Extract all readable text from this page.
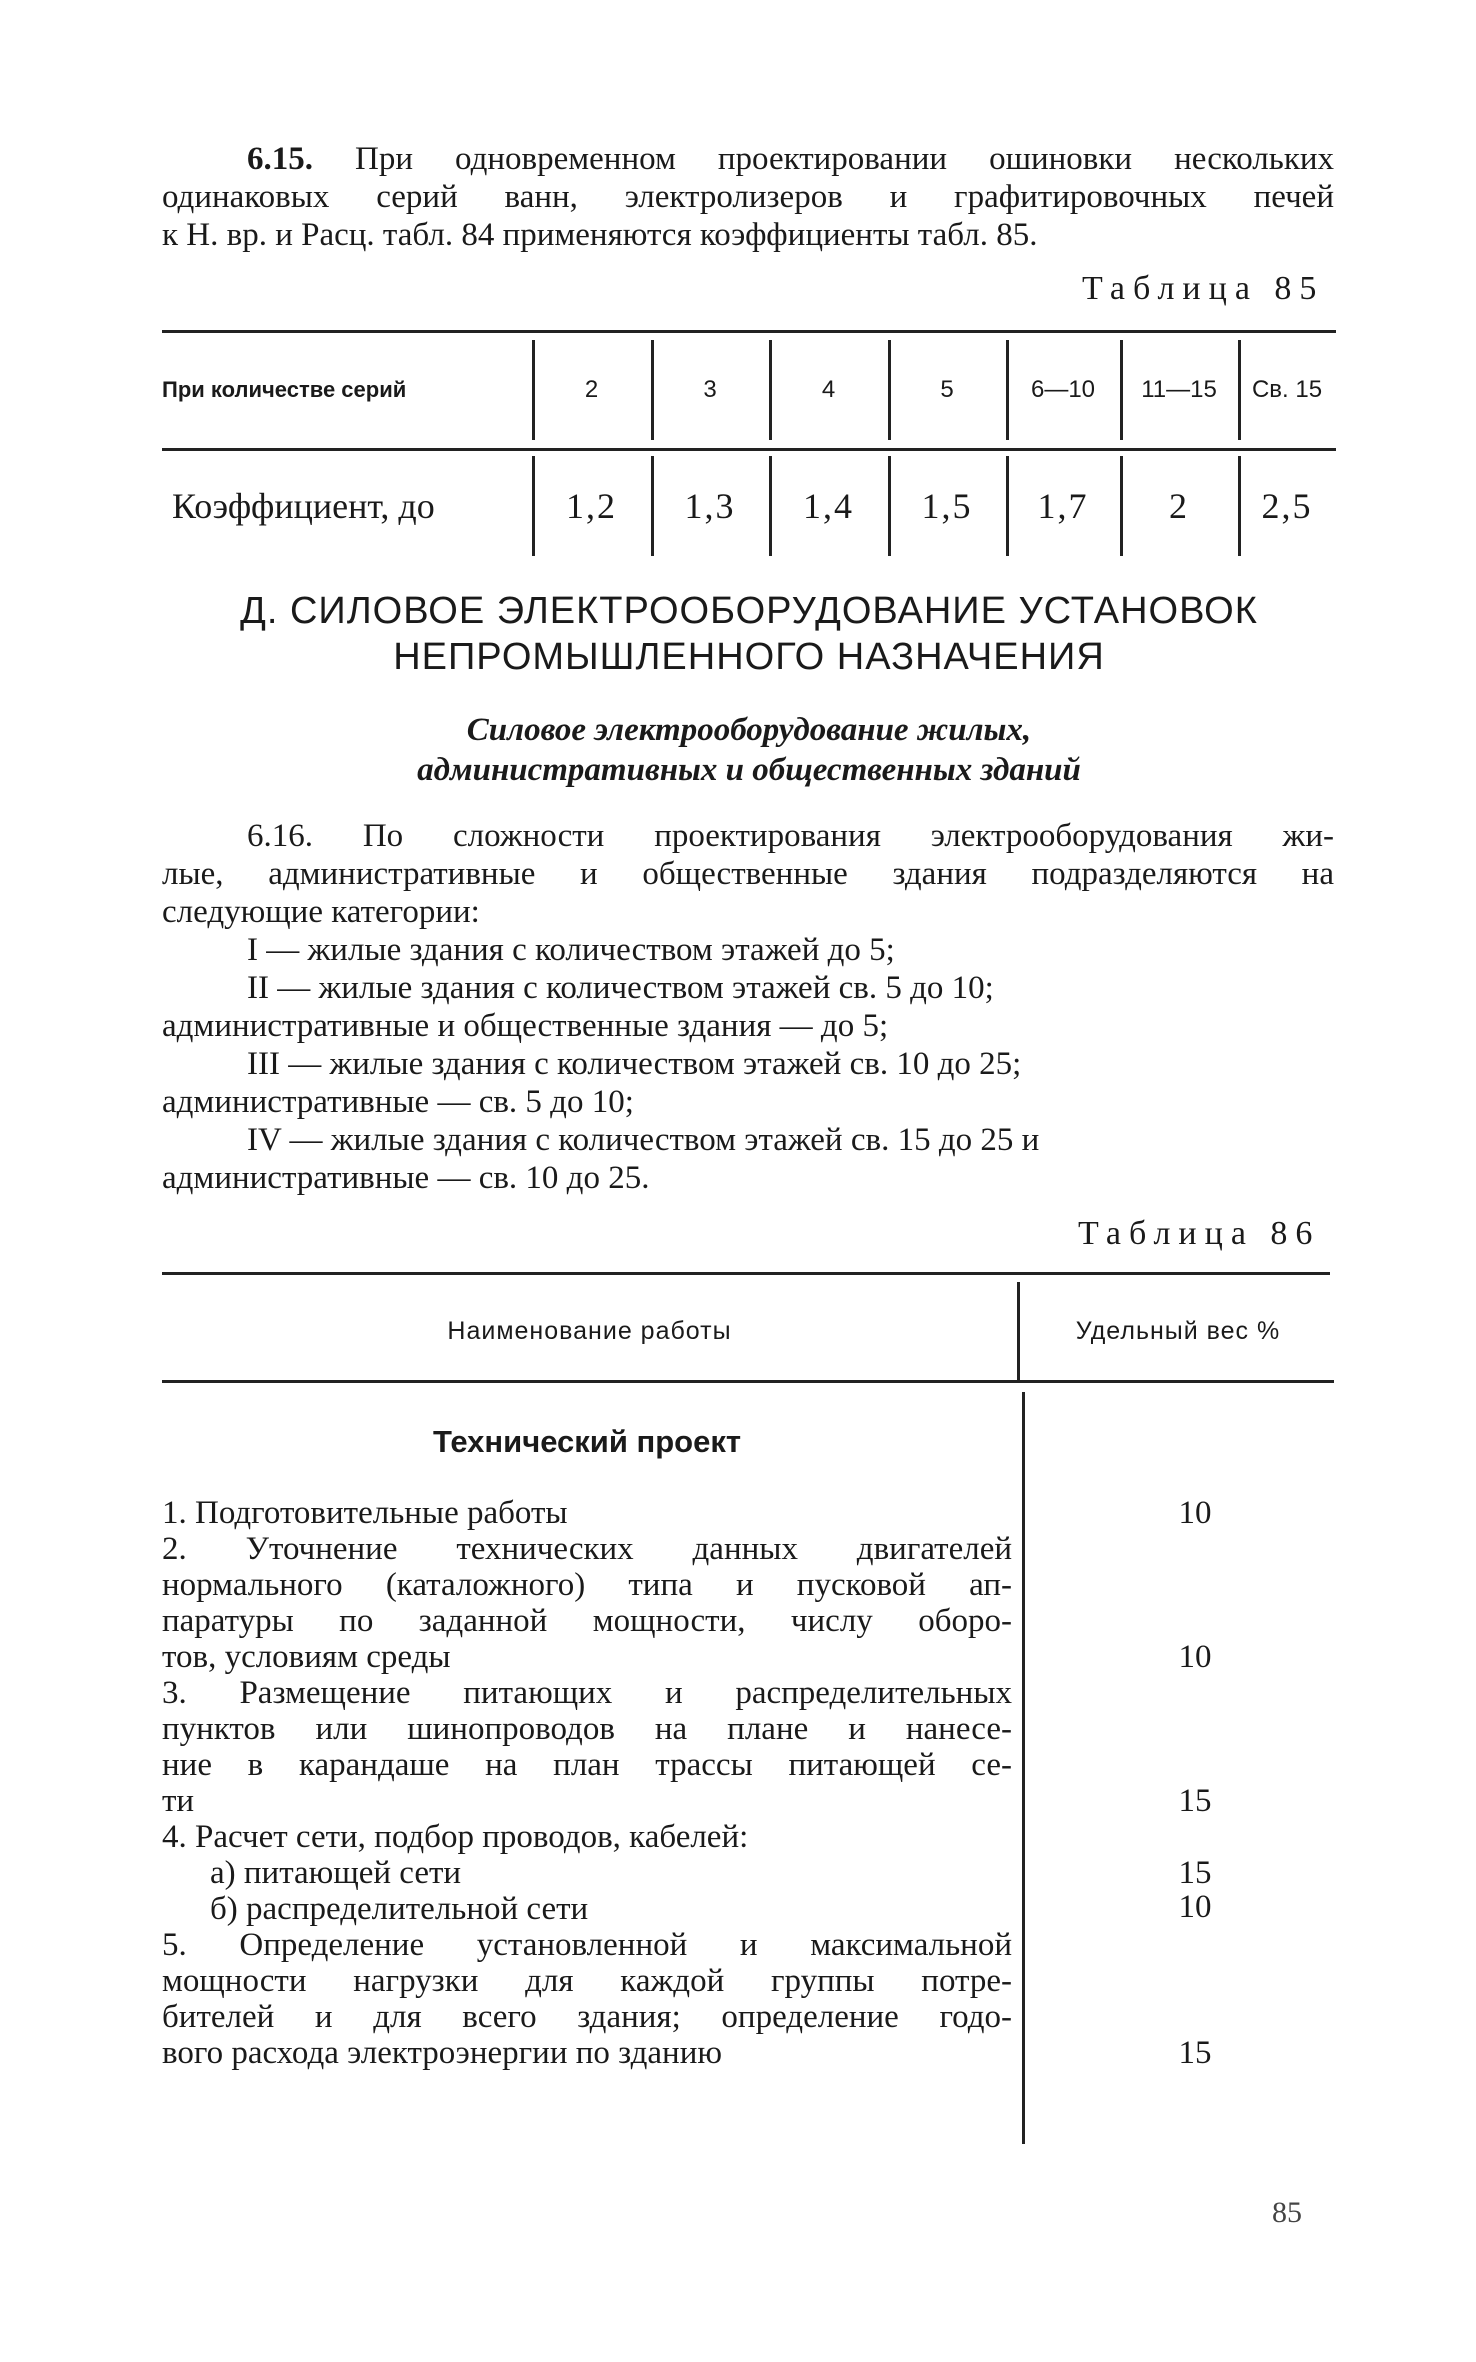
6.15. При одновременном проектировании ошиновки нескольких
одинаковых серий ванн, электролизеров и графитировочных печей
к Н. вр. и Расц. табл. 84 применяются коэффициенты табл. 85.
Таблица 85
При количестве серий
Коэффициент, до
2
1,2
3
1,3
4
1,4
5
1,5
6—10
1,7
11—15
2
Св. 15
2,5
Д. СИЛОВОЕ ЭЛЕКТРООБОРУДОВАНИЕ УСТАНОВОК
НЕПРОМЫШЛЕННОГО НАЗНАЧЕНИЯ
Силовое электрооборудование жилых,
административных и общественных зданий
6.16. По сложности проектирования электрооборудования жи-
лые, административные и общественные здания подразделяются на
следующие категории:
I — жилые здания с количеством этажей до 5;
II — жилые здания с количеством этажей св. 5 до 10;
административные и общественные здания — до 5;
III — жилые здания с количеством этажей св. 10 до 25;
административные — св. 5 до 10;
IV — жилые здания с количеством этажей св. 15 до 25 и
административные — св. 10 до 25.
Таблица 86
Наименование работы	Удельный вес %
Технический проект
1. Подготовительные работы
2. Уточнение технических данных двигателей
нормального (каталожного) типа и пусковой ап-
паратуры по заданной мощности, числу оборо-
тов, условиям среды
3. Размещение питающих и распределительных
пунктов или шинопроводов на плане и нанесе-
ние в карандаше на план трассы питающей се-
ти
4. Расчет сети, подбор проводов, кабелей:
а) питающей сети
б) распределительной сети
5. Определение установленной и максимальной
мощности нагрузки для каждой группы потре-
бителей и для всего здания; определение годо-
вого расхода электроэнергии по зданию
10
10
15
15
10
15
85
